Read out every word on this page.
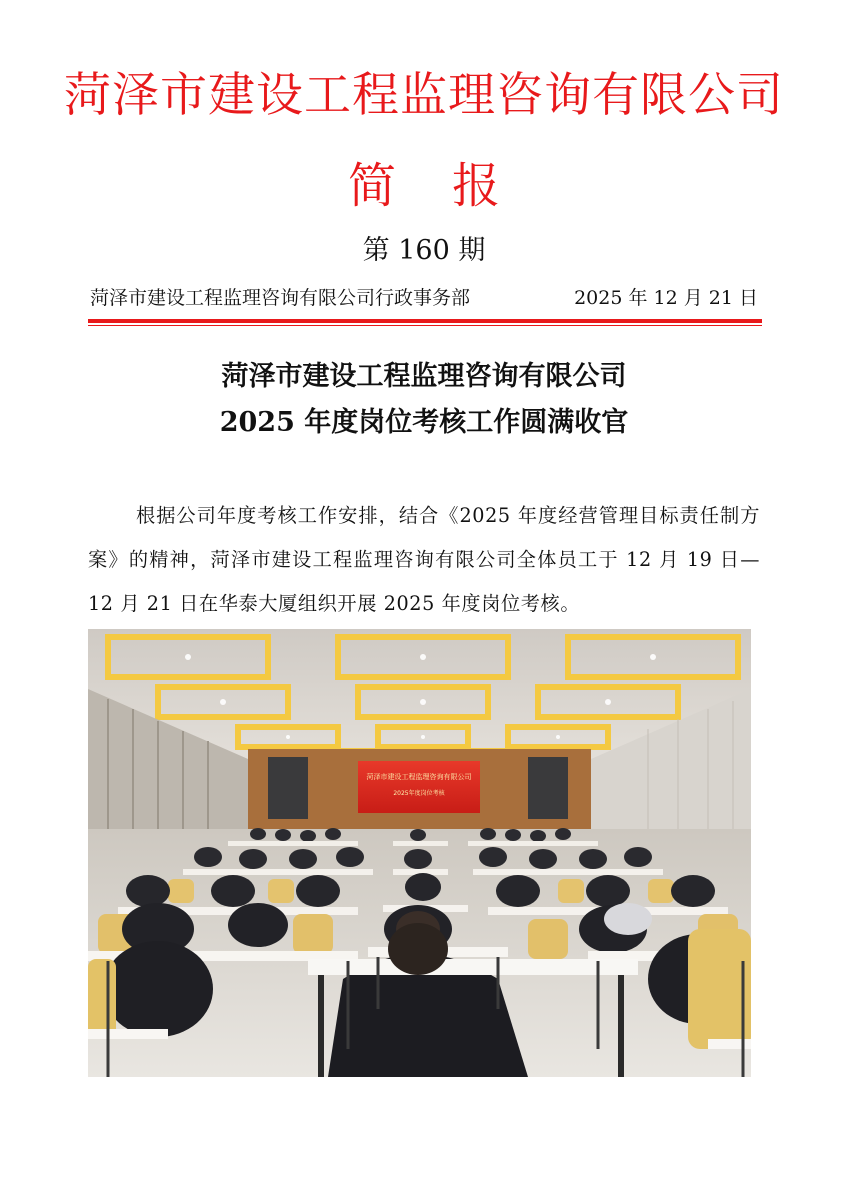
菏泽市建设工程监理咨询有限公司
简 报
第 160 期
菏泽市建设工程监理咨询有限公司行政事务部	2025 年 12 月 21 日
菏泽市建设工程监理咨询有限公司
2025 年度岗位考核工作圆满收官
根据公司年度考核工作安排，结合《2025 年度经营管理目标责任制方案》的精神，菏泽市建设工程监理咨询有限公司全体员工于 12 月 19 日—12 月 21 日在华泰大厦组织开展 2025 年度岗位考核。
菏泽市建设工程监理咨询有限公司
2025年度岗位考核
